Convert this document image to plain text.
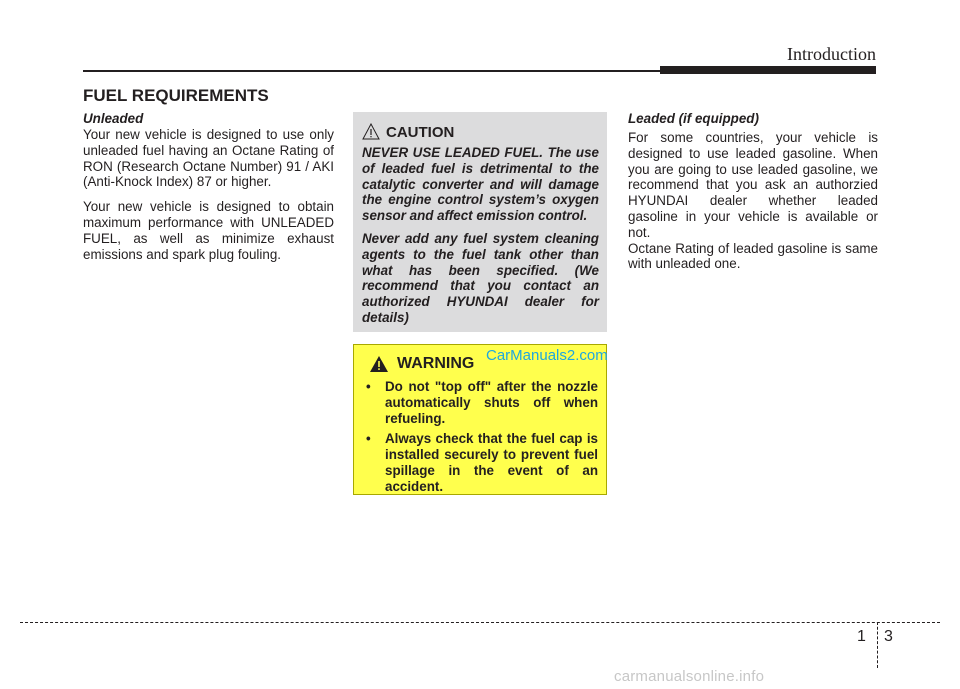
Introduction
FUEL REQUIREMENTS
Unleaded

Your new vehicle is designed to use only unleaded fuel having an Octane Rating of RON (Research Octane Number) 91 / AKI (Anti-Knock Index) 87 or higher.

Your new vehicle is designed to obtain maximum performance with UNLEADED FUEL, as well as minimize exhaust emissions and spark plug fouling.

CAUTION

NEVER USE LEADED FUEL. The use of leaded fuel is detrimental to the catalytic converter and will damage the engine control system’s oxygen sensor and affect emission control.

Never add any fuel system cleaning agents to the fuel tank other than what has been specified. (We recommend that you contact an authorized HYUNDAI dealer for details)

WARNING
• Do not "top off" after the nozzle automatically shuts off when refueling.
• Always check that the fuel cap is installed securely to prevent fuel spillage in the event of an accident.
CarManuals2.com
Leaded (if equipped)

For some countries, your vehicle is designed to use leaded gasoline. When you are going to use leaded gasoline, we recommend that you ask an authorzied HYUNDAI dealer whether leaded gasoline in your vehicle is available or not.

Octane Rating of leaded gasoline is same with unleaded one.

1 3
carmanualsonline.info
